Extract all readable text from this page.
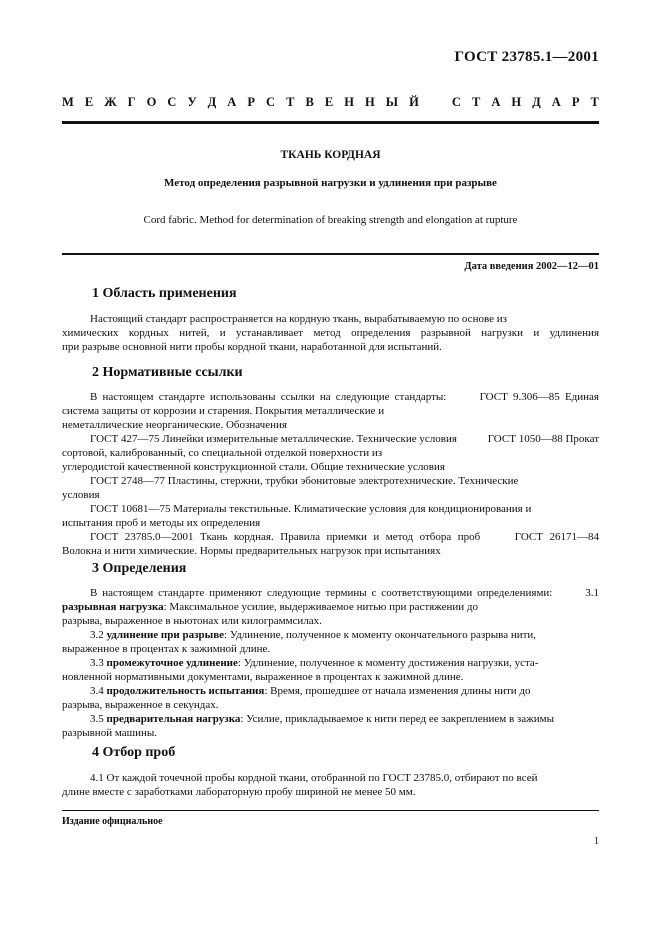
ГОСТ 23785.1—2001
М Е Ж Г О С У Д А Р С Т В Е Н Н Ы Й	С Т А Н Д А Р Т
ТКАНЬ КОРДНАЯ
Метод определения разрывной нагрузки и удлинения при разрыве
Cord fabric. Method for determination of breaking strength and elongation at rupture
Дата введения 2002—12—01
1 Область применения
Настоящий стандарт распространяется на кордную ткань, вырабатываемую по основе из
химических кордных нитей, и устанавливает метод определения разрывной нагрузки и удлинения
при разрыве основной нити пробы кордной ткани, наработанной для испытаний.
2 Нормативные ссылки
В настоящем стандарте использованы ссылки на следующие стандарты:	ГОСТ 9.306—85 Единая система защиты от коррозии и старения. Покрытия металлические и
неметаллические неорганические. Обозначения
ГОСТ 427—75 Линейки измерительные металлические. Технические условия	ГОСТ 1050—88 Прокат сортовой, калиброванный, со специальной отделкой поверхности из
углеродистой качественной конструкционной стали. Общие технические условия
ГОСТ 2748—77 Пластины, стержни, трубки эбонитовые электротехнические. Технические
условия
ГОСТ 10681—75 Материалы текстильные. Климатические условия для кондиционирования и
испытания проб и методы их определения
ГОСТ 23785.0—2001 Ткань кордная. Правила приемки и метод отбора проб	ГОСТ 26171—84 Волокна и нити химические. Нормы предварительных нагрузок при испытаниях
3 Определения
В настоящем стандарте применяют следующие термины с соответствующими определениями:	3.1 разрывная нагрузка: Максимальное усилие, выдерживаемое нитью при растяжении до
разрыва, выраженное в ньютонах или килограммсилах.
3.2 удлинение при разрыве: Удлинение, полученное к моменту окончательного разрыва нити,
выраженное в процентах к зажимной длине.
3.3 промежуточное удлинение: Удлинение, полученное к моменту достижения нагрузки, уста-
новленной нормативными документами, выраженное в процентах к зажимной длине.
3.4 продолжительность испытания: Время, прошедшее от начала изменения длины нити до
разрыва, выраженное в секундах.
3.5 предварительная нагрузка: Усилие, прикладываемое к нити перед ее закреплением в зажимы
разрывной машины.
4 Отбор проб
4.1 От каждой точечной пробы кордной ткани, отобранной по ГОСТ 23785.0, отбирают по всей
длине вместе с заработками лабораторную пробу шириной не менее 50 мм.
Издание официальное
1
